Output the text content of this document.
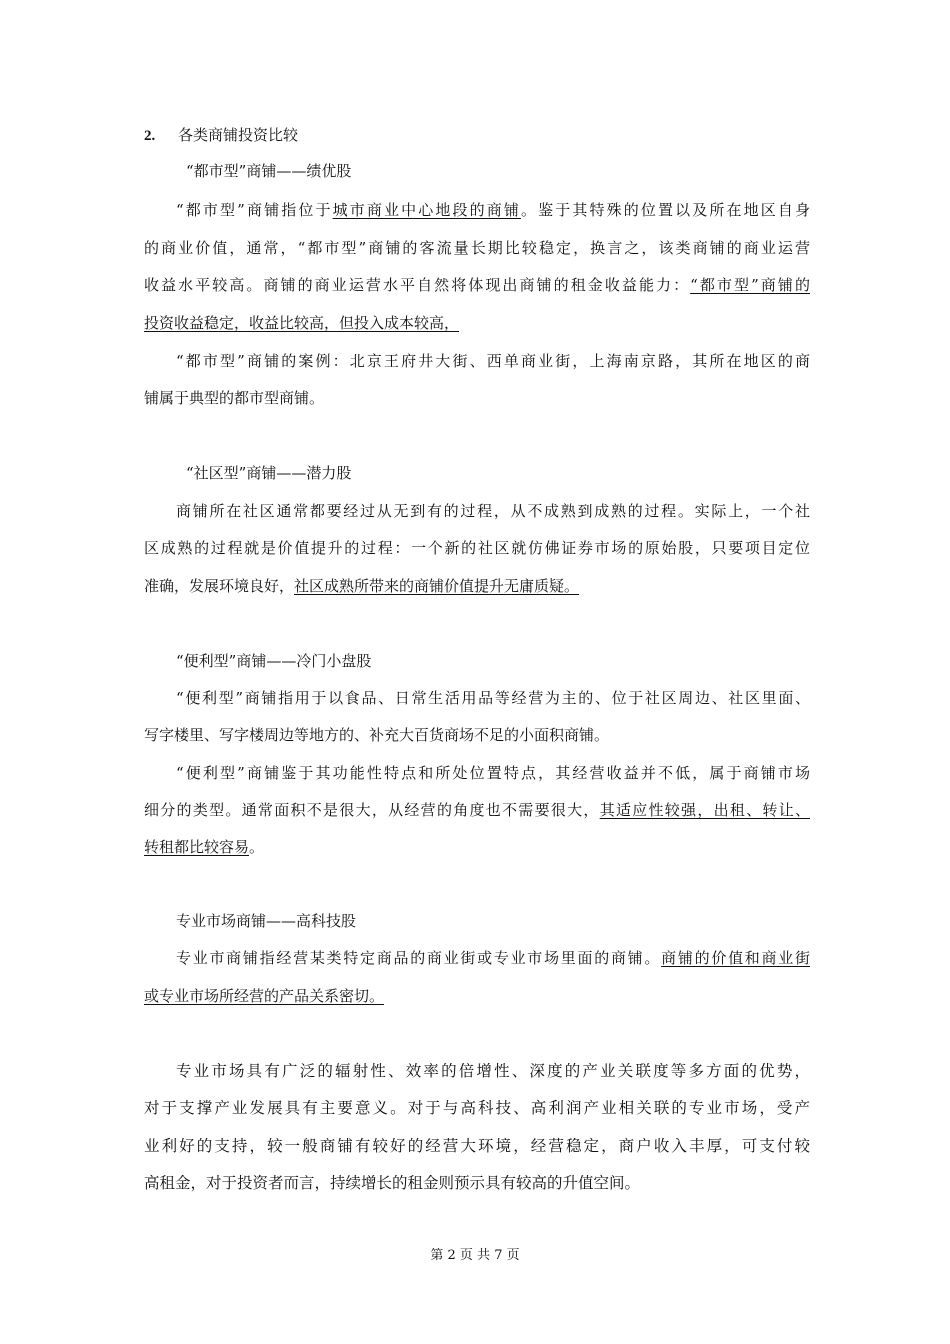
2. 各类商铺投资比较
“都市型”商铺——绩优股
“都市型”商铺指位于城市商业中心地段的商铺。鉴于其特殊的位置以及所在地区自身
的商业价值，通常，“都市型”商铺的客流量长期比较稳定，换言之，该类商铺的商业运营
收益水平较高。商铺的商业运营水平自然将体现出商铺的租金收益能力：“都市型”商铺的
投资收益稳定，收益比较高，但投入成本较高，
“都市型”商铺的案例：北京王府井大街、西单商业街，上海南京路，其所在地区的商
铺属于典型的都市型商铺。
“社区型”商铺——潜力股
商铺所在社区通常都要经过从无到有的过程，从不成熟到成熟的过程。实际上，一个社
区成熟的过程就是价值提升的过程：一个新的社区就仿佛证券市场的原始股，只要项目定位
准确，发展环境良好，社区成熟所带来的商铺价值提升无庸质疑。
“便利型”商铺——冷门小盘股
“便利型”商铺指用于以食品、日常生活用品等经营为主的、位于社区周边、社区里面、
写字楼里、写字楼周边等地方的、补充大百货商场不足的小面积商铺。
“便利型”商铺鉴于其功能性特点和所处位置特点，其经营收益并不低，属于商铺市场
细分的类型。通常面积不是很大，从经营的角度也不需要很大，其适应性较强，出租、转让、
转租都比较容易。
专业市场商铺——高科技股
专业市商铺指经营某类特定商品的商业街或专业市场里面的商铺。商铺的价值和商业街
或专业市场所经营的产品关系密切。
专业市场具有广泛的辐射性、效率的倍增性、深度的产业关联度等多方面的优势，
对于支撑产业发展具有主要意义。对于与高科技、高利润产业相关联的专业市场，受产
业利好的支持，较一般商铺有较好的经营大环境，经营稳定，商户收入丰厚，可支付较
高租金，对于投资者而言，持续增长的租金则预示具有较高的升值空间。
第 2 页 共 7 页
